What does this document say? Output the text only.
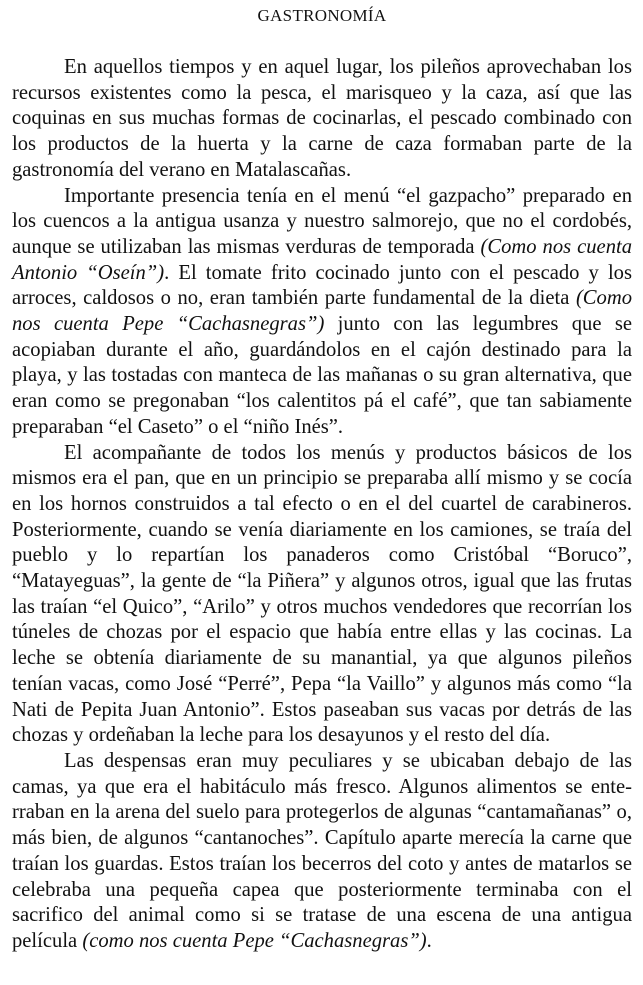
GASTRONOMÍA

En aquellos tiempos y en aquel lugar, los pileños aprovechaban los recursos existentes como la pesca, el marisqueo y la caza, así que las coquinas en sus muchas formas de cocinarlas, el pescado combinado con los productos de la huerta y la carne de caza formaban parte de la gastronomía del verano en Matalascañas.

Importante presencia tenía en el menú “el gazpacho” preparado en los cuencos a la antigua usanza y nuestro salmorejo, que no el cordobés, aunque se utilizaban las mismas verduras de temporada (Como nos cuenta Antonio “Oseín”). El tomate frito cocinado junto con el pescado y los arroces, caldosos o no, eran también parte fundamental de la dieta (Como nos cuenta Pepe “Cachasnegras”) junto con las legumbres que se acopiaban durante el año, guardándolos en el cajón destinado para la playa, y las tostadas con manteca de las mañanas o su gran alternativa, que eran como se pregonaban “los calentitos pá el café”, que tan sabiamente preparaban “el Caseto” o el “niño Inés”.

El acompañante de todos los menús y productos básicos de los mismos era el pan, que en un principio se preparaba allí mismo y se cocía en los hornos construidos a tal efecto o en el del cuartel de carabineros. Posteriormente, cuando se venía diariamente en los camiones, se traía del pueblo y lo repartían los panaderos como Cristóbal “Boruco”, “Matayeguas”, la gente de “la Piñera” y algunos otros, igual que las frutas las traían “el Quico”, “Arilo” y otros muchos vendedores que recorrían los túneles de chozas por el espacio que había entre ellas y las cocinas. La leche se obtenía diariamente de su manantial, ya que algunos pileños tenían vacas, como José “Perré”, Pepa “la Vaillo” y algunos más como “la Nati de Pepita Juan Antonio”. Estos paseaban sus vacas por detrás de las chozas y ordeñaban la leche para los desayunos y el resto del día.

Las despensas eran muy peculiares y se ubicaban debajo de las camas, ya que era el habitáculo más fresco. Algunos alimentos se enterraban en la arena del suelo para protegerlos de algunas “cantamañanas” o, más bien, de algunos “cantanoches”. Capítulo aparte merecía la carne que traían los guardas. Estos traían los becerros del coto y antes de matarlos se celebraba una pequeña capea que posteriormente terminaba con el sacrifico del animal como si se tratase de una escena de una antigua película (como nos cuenta Pepe “Cachasnegras”).
